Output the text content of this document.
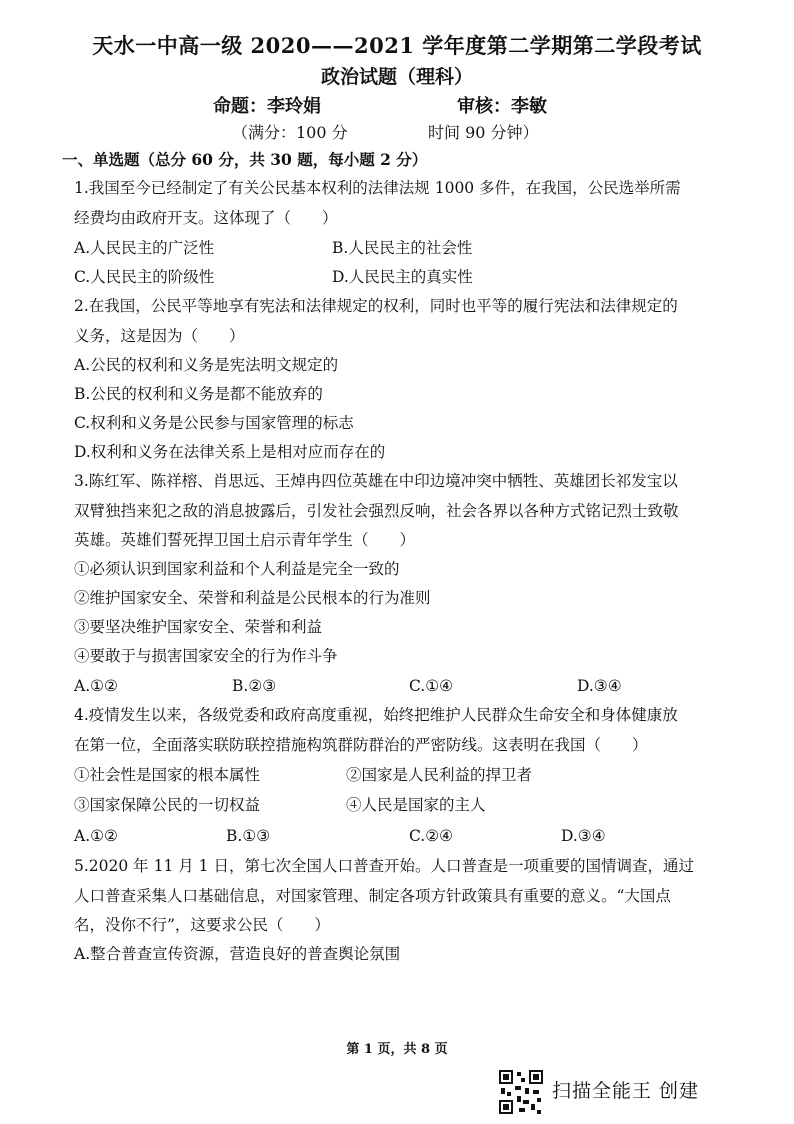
天水一中高一级 2020——2021 学年度第二学期第二学段考试
政治试题（理科）
命题：李玲娟	审核：李敏
（满分：100 分	时间 90 分钟）
一、单选题（总分 60 分，共 30 题，每小题 2 分）
1.我国至今已经制定了有关公民基本权利的法律法规 1000 多件，在我国，公民选举所需
经费均由政府开支。这体现了（　　）
A.人民民主的广泛性	B.人民民主的社会性
C.人民民主的阶级性	D.人民民主的真实性
2.在我国，公民平等地享有宪法和法律规定的权利，同时也平等的履行宪法和法律规定的
义务，这是因为（　　）
A.公民的权利和义务是宪法明文规定的
B.公民的权利和义务是都不能放弃的
C.权利和义务是公民参与国家管理的标志
D.权利和义务在法律关系上是相对应而存在的
3.陈红军、陈祥榕、肖思远、王焯冉四位英雄在中印边境冲突中牺牲、英雄团长祁发宝以
双臂独挡来犯之敌的消息披露后，引发社会强烈反响，社会各界以各种方式铭记烈士致敬
英雄。英雄们誓死捍卫国土启示青年学生（　　）
①必须认识到国家利益和个人利益是完全一致的
②维护国家安全、荣誉和利益是公民根本的行为准则
③要坚决维护国家安全、荣誉和利益
④要敢于与损害国家安全的行为作斗争
A.①②	B.②③	C.①④	D.③④
4.疫情发生以来，各级党委和政府高度重视，始终把维护人民群众生命安全和身体健康放
在第一位，全面落实联防联控措施构筑群防群治的严密防线。这表明在我国（　　）
①社会性是国家的根本属性	②国家是人民利益的捍卫者
③国家保障公民的一切权益	④人民是国家的主人
A.①②	B.①③	C.②④	D.③④
5.2020 年 11 月 1 日，第七次全国人口普查开始。人口普查是一项重要的国情调查，通过
人口普查采集人口基础信息，对国家管理、制定各项方针政策具有重要的意义。“大国点
名，没你不行”，这要求公民（　　）
A.整合普查宣传资源，营造良好的普查舆论氛围
第 1 页，共 8 页
扫描全能王 创建
